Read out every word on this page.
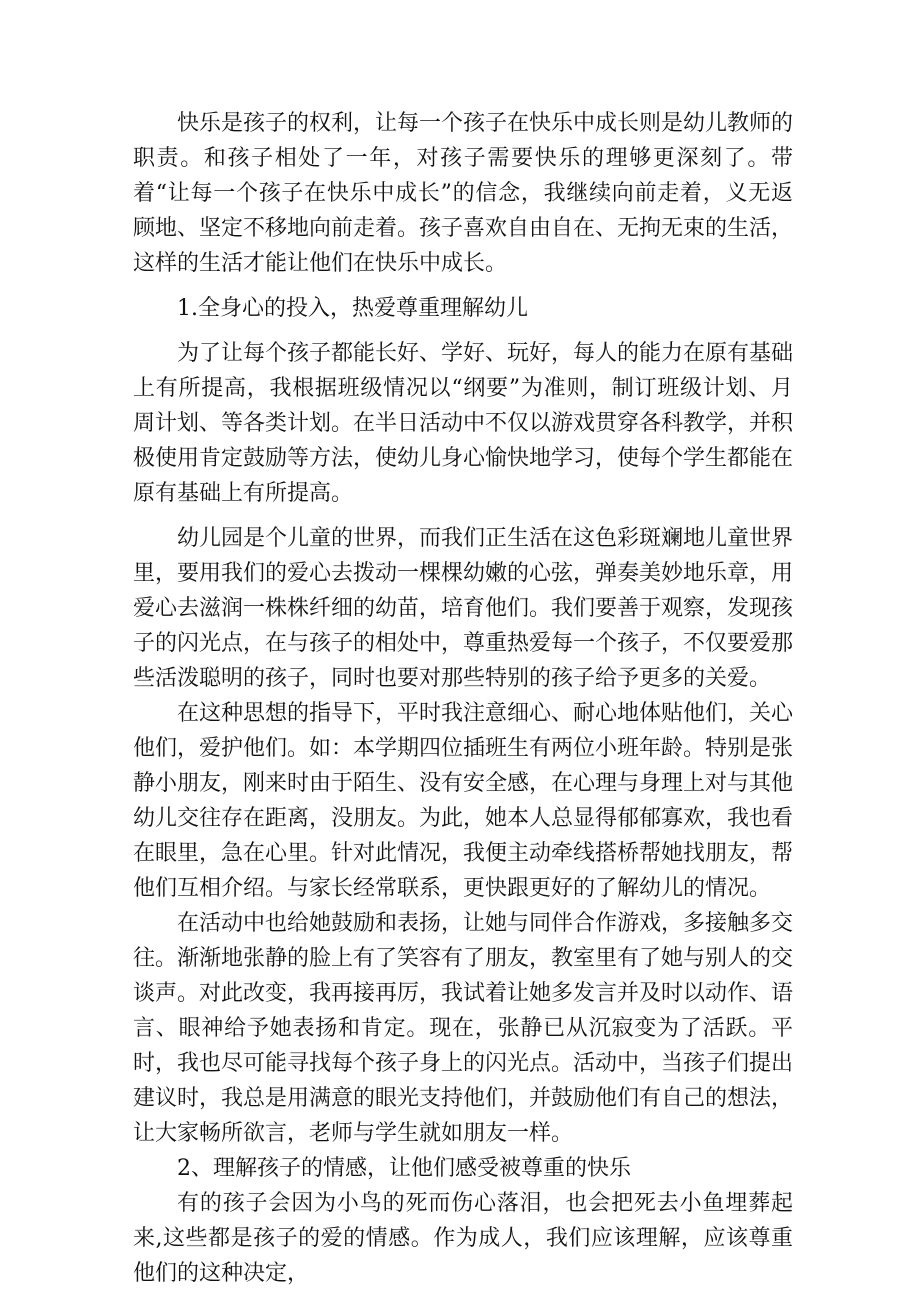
快乐是孩子的权利，让每一个孩子在快乐中成长则是幼儿教师的职责。和孩子相处了一年，对孩子需要快乐的理够更深刻了。带着“让每一个孩子在快乐中成长”的信念，我继续向前走着，义无返顾地、坚定不移地向前走着。孩子喜欢自由自在、无拘无束的生活，这样的生活才能让他们在快乐中成长。

1.全身心的投入，热爱尊重理解幼儿

为了让每个孩子都能长好、学好、玩好，每人的能力在原有基础上有所提高，我根据班级情况以“纲要”为准则，制订班级计划、月周计划、等各类计划。在半日活动中不仅以游戏贯穿各科教学，并积极使用肯定鼓励等方法，使幼儿身心愉快地学习，使每个学生都能在原有基础上有所提高。

幼儿园是个儿童的世界，而我们正生活在这色彩斑斓地儿童世界里，要用我们的爱心去拨动一棵棵幼嫩的心弦，弹奏美妙地乐章，用爱心去滋润一株株纤细的幼苗，培育他们。我们要善于观察，发现孩子的闪光点，在与孩子的相处中，尊重热爱每一个孩子，不仅要爱那些活泼聪明的孩子，同时也要对那些特别的孩子给予更多的关爱。

在这种思想的指导下，平时我注意细心、耐心地体贴他们，关心他们，爱护他们。如：本学期四位插班生有两位小班年龄。特别是张静小朋友，刚来时由于陌生、没有安全感，在心理与身理上对与其他幼儿交往存在距离，没朋友。为此，她本人总显得郁郁寡欢，我也看在眼里，急在心里。针对此情况，我便主动牵线搭桥帮她找朋友，帮他们互相介绍。与家长经常联系，更快跟更好的了解幼儿的情况。

在活动中也给她鼓励和表扬，让她与同伴合作游戏，多接触多交往。渐渐地张静的脸上有了笑容有了朋友，教室里有了她与别人的交谈声。对此改变，我再接再厉，我试着让她多发言并及时以动作、语言、眼神给予她表扬和肯定。现在，张静已从沉寂变为了活跃。平时，我也尽可能寻找每个孩子身上的闪光点。活动中，当孩子们提出建议时，我总是用满意的眼光支持他们，并鼓励他们有自己的想法，让大家畅所欲言，老师与学生就如朋友一样。

2、理解孩子的情感，让他们感受被尊重的快乐

有的孩子会因为小鸟的死而伤心落泪，也会把死去小鱼埋葬起来,这些都是孩子的爱的情感。作为成人，我们应该理解，应该尊重他们的这种决定，
